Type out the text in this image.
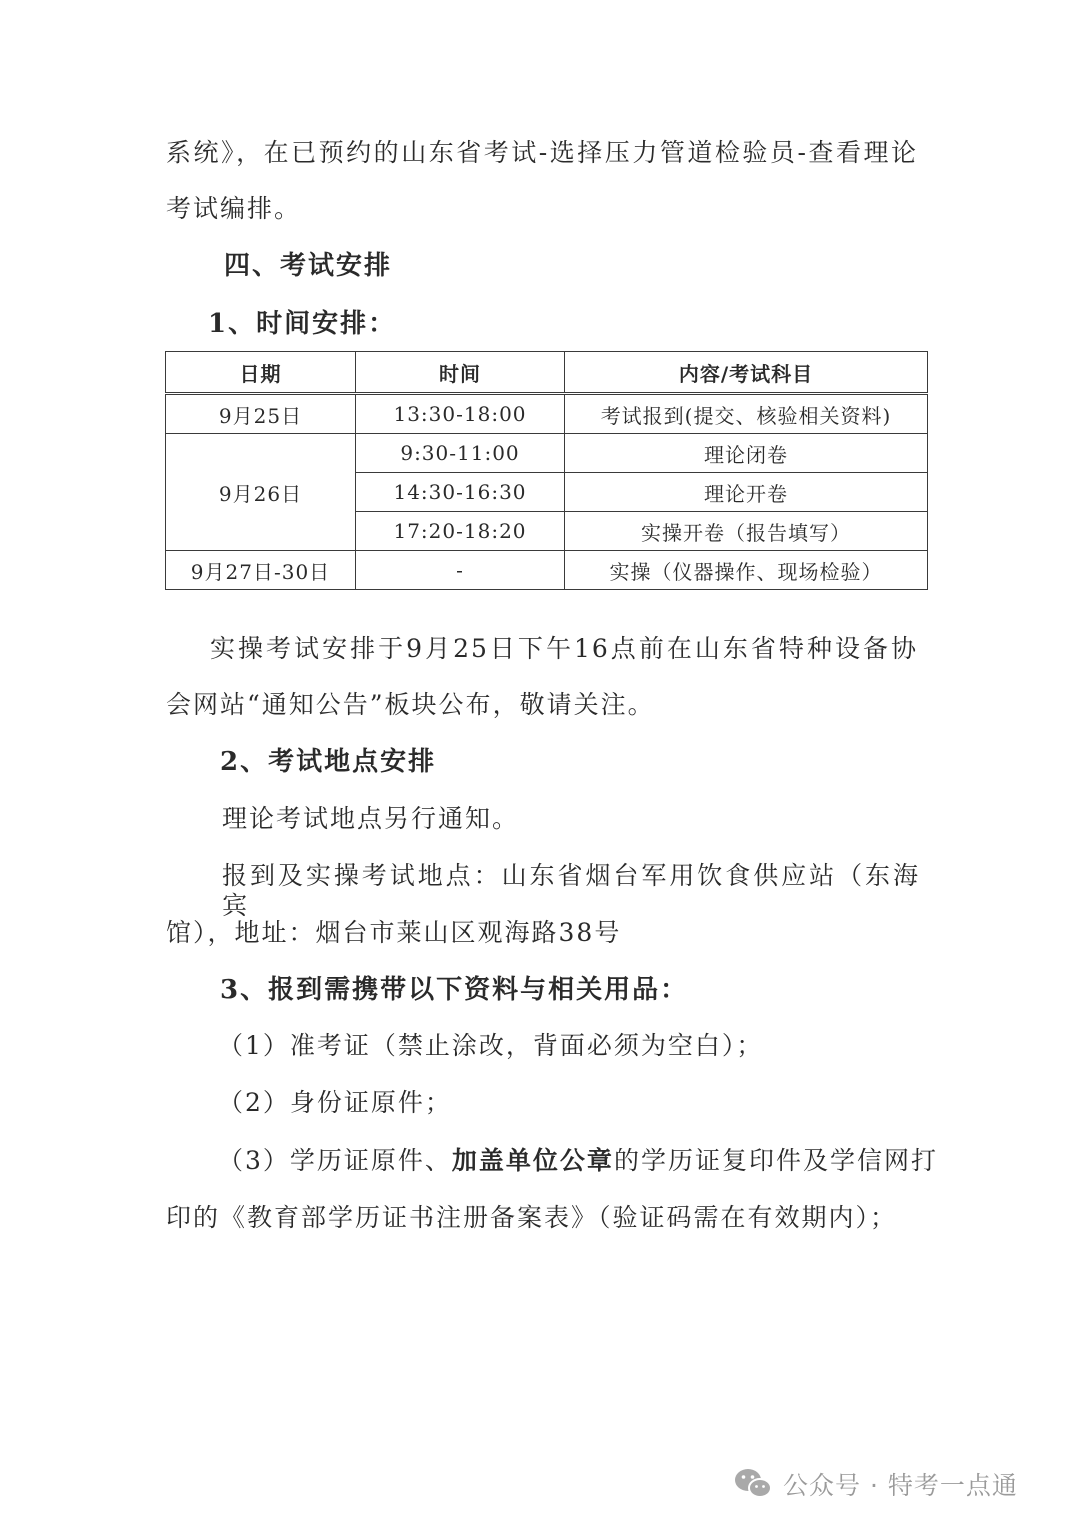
系统》，在已预约的山东省考试-选择压力管道检验员-查看理论
考试编排。
四、考试安排
1、时间安排：
日期	时间	内容/考试科目
9月25日	13:30-18:00	考试报到(提交、核验相关资料)
9月26日	9:30-11:00	理论闭卷
	14:30-16:30	理论开卷
	17:20-18:20	实操开卷（报告填写）
9月27日-30日	-	实操（仪器操作、现场检验）
实操考试安排于9月25日下午16点前在山东省特种设备协
会网站“通知公告”板块公布，敬请关注。
2、考试地点安排
理论考试地点另行通知。
报到及实操考试地点：山东省烟台军用饮食供应站（东海宾
馆），地址：烟台市莱山区观海路38号
3、报到需携带以下资料与相关用品：
（1）准考证（禁止涂改，背面必须为空白）；
（2）身份证原件；
（3）学历证原件、加盖单位公章的学历证复印件及学信网打
印的《教育部学历证书注册备案表》（验证码需在有效期内）；
公众号 · 特考一点通
